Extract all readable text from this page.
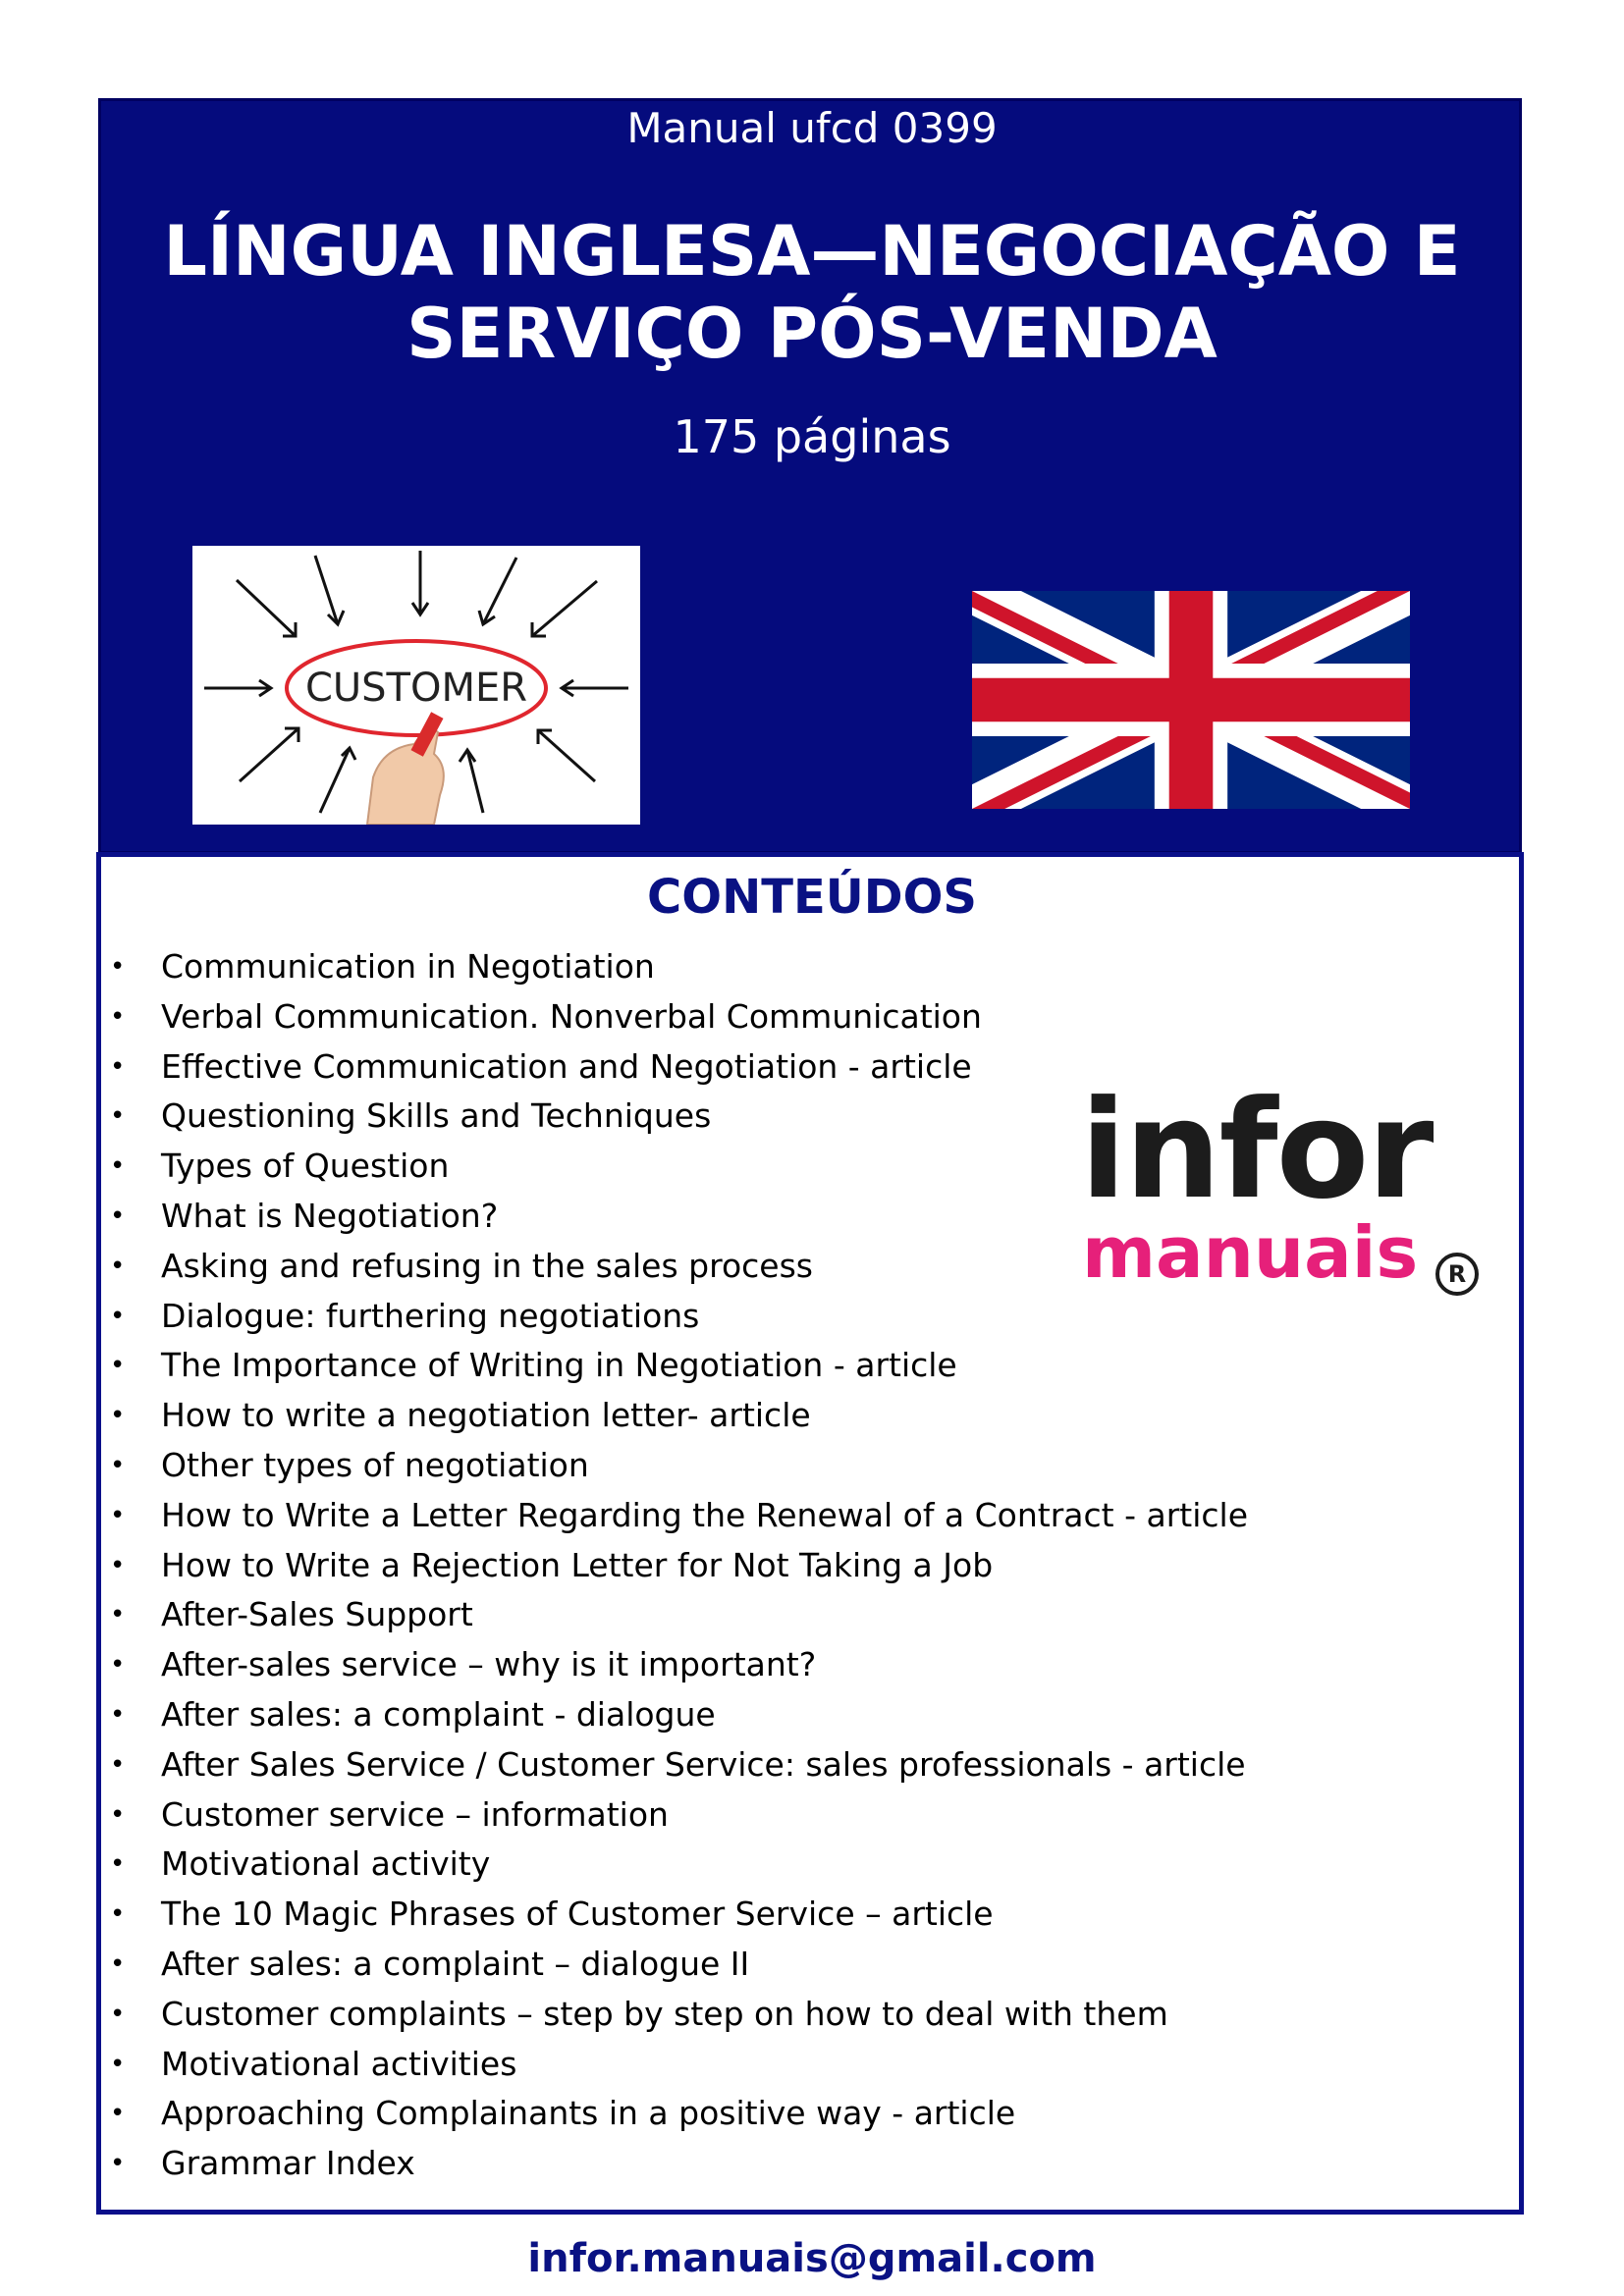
Manual ufcd 0399
LÍNGUA INGLESA—NEGOCIAÇÃO E
SERVIÇO PÓS-VENDA
175 páginas
CUSTOMER
CONTEÚDOS
• Communication in Negotiation
• Verbal Communication. Nonverbal Communication
• Effective Communication and Negotiation - article
• Questioning Skills and Techniques
• Types of Question
• What is Negotiation?
• Asking and refusing in the sales process
• Dialogue: furthering negotiations
• The Importance of Writing in Negotiation - article
• How to write a negotiation letter- article
• Other types of negotiation
• How to Write a Letter Regarding the Renewal of a Contract - article
• How to Write a Rejection Letter for Not Taking a Job
• After-Sales Support
• After-sales service – why is it important?
• After sales: a complaint - dialogue
• After Sales Service / Customer Service: sales professionals - article
• Customer service – information
• Motivational activity
• The 10 Magic Phrases of Customer Service – article
• After sales: a complaint – dialogue II
• Customer complaints – step by step on how to deal with them
• Motivational activities
• Approaching Complainants in a positive way - article
• Grammar Index
infor
manuais	R
infor.manuais@gmail.com
